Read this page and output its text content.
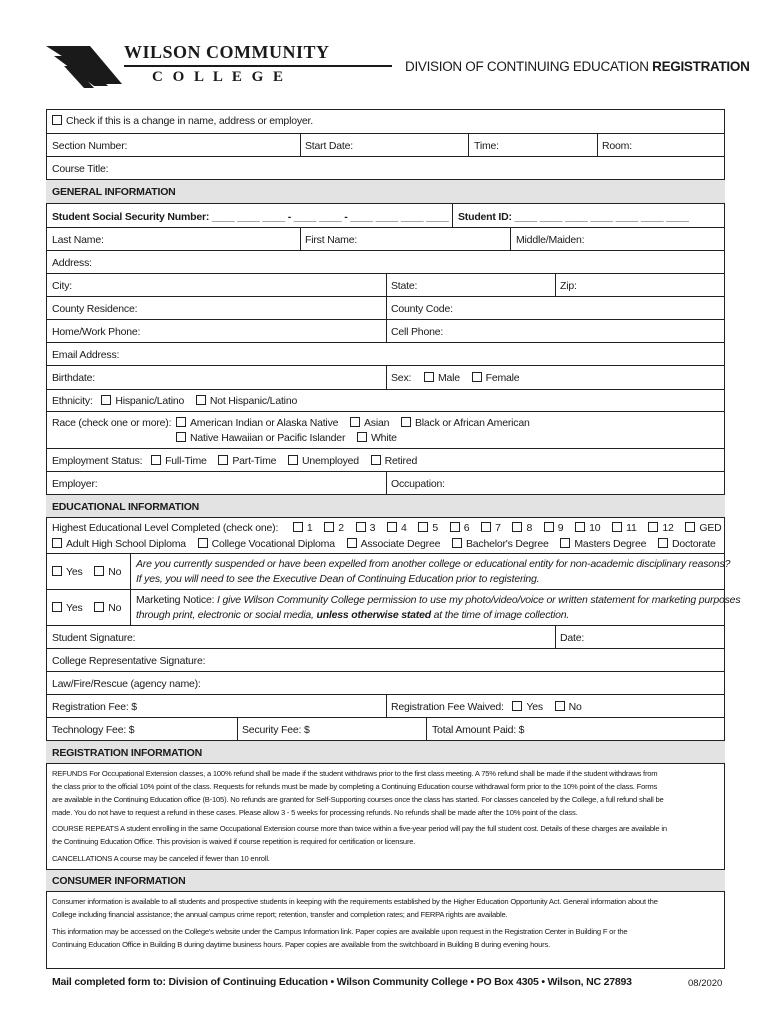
WILSON COMMUNITY
C O L L E G E
DIVISION OF CONTINUING EDUCATION REGISTRATION
Check if this is a change in name, address or employer.
Section Number:	Start Date:	Time:	Room:
Course Title:
GENERAL INFORMATION
Student Social Security Number: ____ ____ ____ - ____ ____ - ____ ____ ____ ____ Student ID: ____ ____ ____ ____ ____ ____ ____
Last Name:	First Name:	Middle/Maiden:
Address:
City:	State:	Zip:
County Residence:	County Code:
Home/Work Phone:	Cell Phone:
Email Address:
Birthdate:	Sex:	Male Female
Ethnicity: Hispanic/Latino Not Hispanic/Latino
Race (check one or more):	American Indian or Alaska Native Asian Black or African American
Native Hawaiian or Pacific Islander White
Employment Status: Full-Time Part-Time Unemployed Retired
Employer:	Occupation:
EDUCATIONAL INFORMATION
Highest Educational Level Completed (check one):	1 2 3 4 5 6 7 8 9 10 11 12 GED
Adult High School Diploma College Vocational Diploma Associate Degree Bachelor's Degree Masters Degree Doctorate
Yes No
Are you currently suspended or have been expelled from another college or educational entity for non-academic disciplinary reasons?
If yes, you will need to see the Executive Dean of Continuing Education prior to registering.
Yes No
Marketing Notice: I give Wilson Community College permission to use my photo/video/voice or written statement for marketing purposes
through print, electronic or social media, unless otherwise stated at the time of image collection.
Student Signature:	Date:
College Representative Signature:
Law/Fire/Rescue (agency name):
Registration Fee: $	Registration Fee Waived: Yes No
Technology Fee: $	Security Fee: $	Total Amount Paid: $
REGISTRATION INFORMATION
REFUNDS For Occupational Extension classes, a 100% refund shall be made if the student withdraws prior to the first class meeting. A 75% refund shall be made if the student withdraws from
the class prior to the official 10% point of the class. Requests for refunds must be made by completing a Continuing Education course withdrawal form prior to the 10% point of the class. Forms
are available in the Continuing Education office (B-105). No refunds are granted for Self-Supporting courses once the class has started. For classes canceled by the College, a full refund shall be
made. You do not have to request a refund in these cases. Please allow 3 - 5 weeks for processing refunds. No refunds shall be made after the 10% point of the class.
COURSE REPEATS A student enrolling in the same Occupational Extension course more than twice within a five-year period will pay the full student cost. Details of these charges are available in
the Continuing Education Office. This provision is waived if course repetition is required for certification or licensure.
CANCELLATIONS A course may be canceled if fewer than 10 enroll.
CONSUMER INFORMATION
Consumer information is available to all students and prospective students in keeping with the requirements established by the Higher Education Opportunity Act. General information about the
College including financial assistance; the annual campus crime report; retention, transfer and completion rates; and FERPA rights are available.
This information may be accessed on the College's website under the Campus Information link. Paper copies are available upon request in the Registration Center in Building F or the
Continuing Education Office in Building B during daytime business hours. Paper copies are available from the switchboard in Building B during evening hours.
Mail completed form to: Division of Continuing Education • Wilson Community College • PO Box 4305 • Wilson, NC 27893	08/2020
